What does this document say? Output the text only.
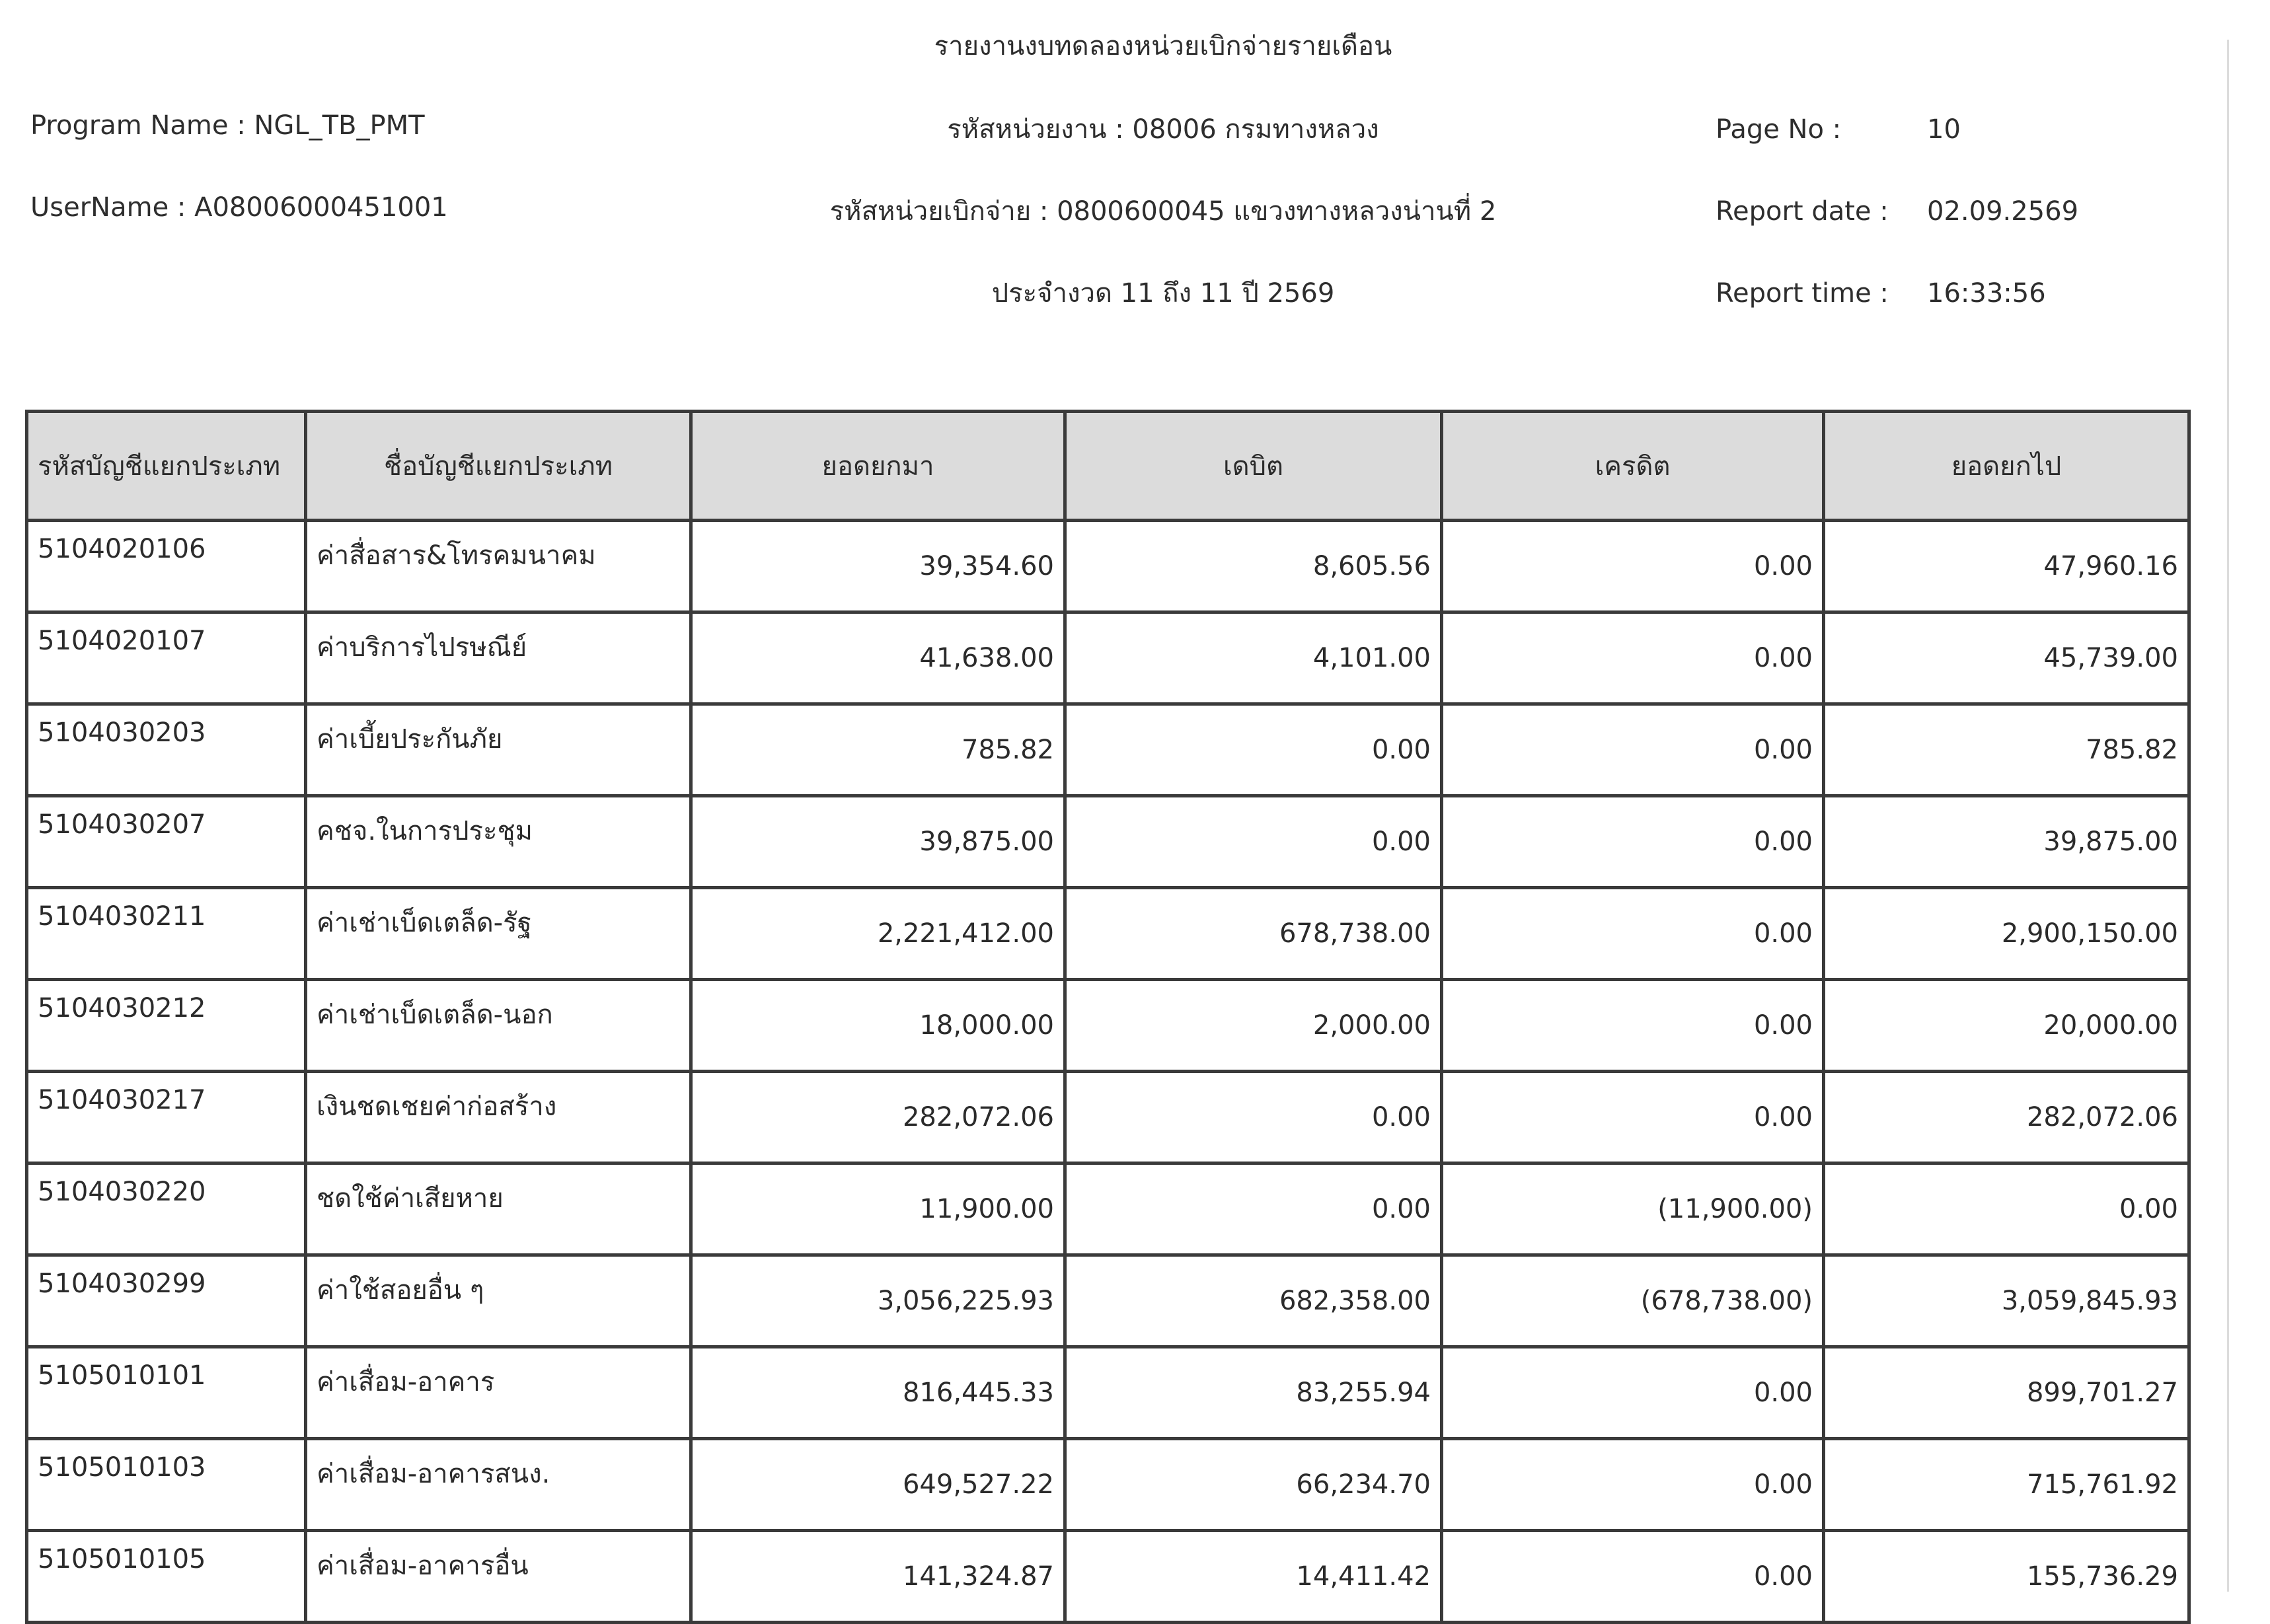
รายงานงบทดลองหน่วยเบิกจ่ายรายเดือน
Program Name : NGL_TB_PMT	รหัสหน่วยงาน : 08006 กรมทางหลวง	Page No :	10
UserName : A08006000451001	รหัสหน่วยเบิกจ่าย : 0800600045 แขวงทางหลวงน่านที่ 2	Report date : 02.09.2569
ประจำงวด 11 ถึง 11 ปี 2569	Report time : 16:33:56
รหัสบัญชีแยกประเภท	ชื่อบัญชีแยกประเภท	ยอดยกมา	เดบิต	เครดิต	ยอดยกไป
5104020106	ค่าสื่อสาร&โทรคมนาคม	39,354.60	8,605.56	0.00	47,960.16
5104020107	ค่าบริการไปรษณีย์	41,638.00	4,101.00	0.00	45,739.00
5104030203	ค่าเบี้ยประกันภัย	785.82	0.00	0.00	785.82
5104030207	คชจ.ในการประชุม	39,875.00	0.00	0.00	39,875.00
5104030211	ค่าเช่าเบ็ดเตล็ด-รัฐ	2,221,412.00	678,738.00	0.00	2,900,150.00
5104030212	ค่าเช่าเบ็ดเตล็ด-นอก	18,000.00	2,000.00	0.00	20,000.00
5104030217	เงินชดเชยค่าก่อสร้าง	282,072.06	0.00	0.00	282,072.06
5104030220	ชดใช้ค่าเสียหาย	11,900.00	0.00	(11,900.00)	0.00
5104030299	ค่าใช้สอยอื่น ๆ	3,056,225.93	682,358.00	(678,738.00)	3,059,845.93
5105010101	ค่าเสื่อม-อาคาร	816,445.33	83,255.94	0.00	899,701.27
5105010103	ค่าเสื่อม-อาคารสนง.	649,527.22	66,234.70	0.00	715,761.92
5105010105	ค่าเสื่อม-อาคารอื่น	141,324.87	14,411.42	0.00	155,736.29
